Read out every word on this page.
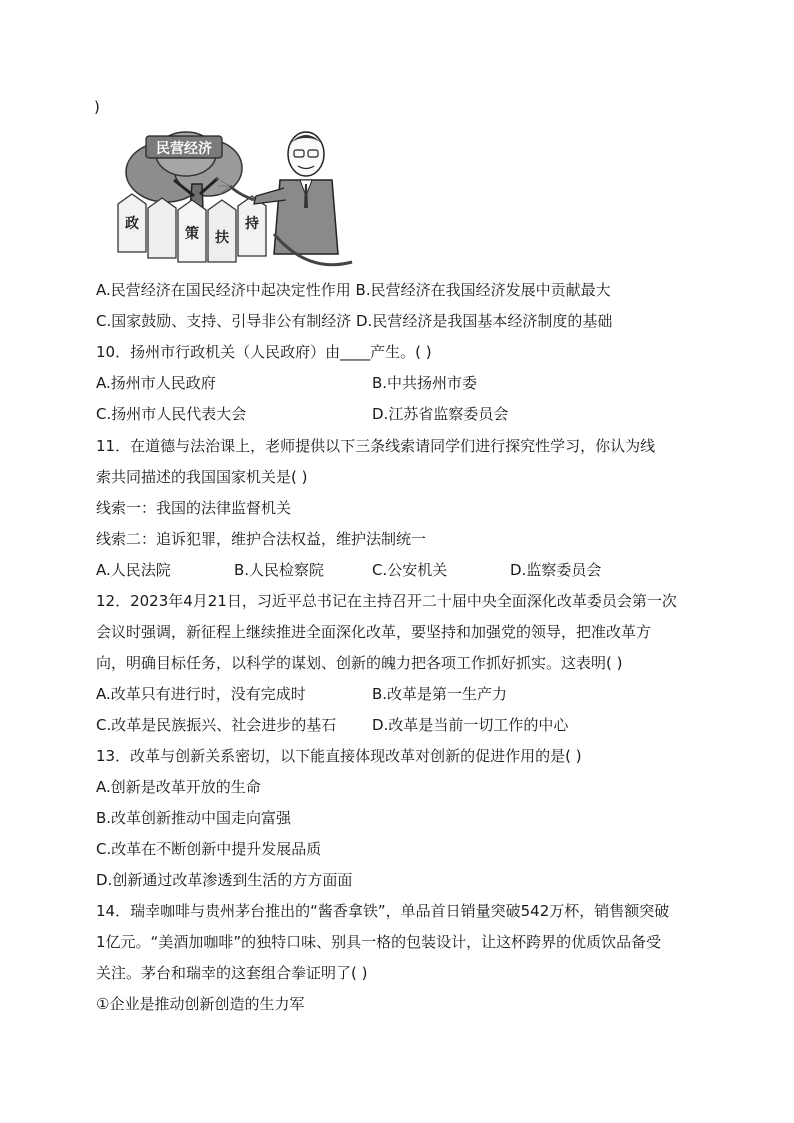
)
民营经济
政
策 扶
持
A.民营经济在国民经济中起决定性作用 B.民营经济在我国经济发展中贡献最大
C.国家鼓励、支持、引导非公有制经济 D.民营经济是我国基本经济制度的基础
10．扬州市行政机关（人民政府）由____产生。( )
A.扬州市人民政府	B.中共扬州市委
C.扬州市人民代表大会	D.江苏省监察委员会
11．在道德与法治课上，老师提供以下三条线索请同学们进行探究性学习，你认为线
索共同描述的我国国家机关是( )
线索一：我国的法律监督机关
线索二：追诉犯罪，维护合法权益，维护法制统一
A.人民法院	B.人民检察院	C.公安机关	D.监察委员会
12．2023年4月21日，习近平总书记在主持召开二十届中央全面深化改革委员会第一次
会议时强调，新征程上继续推进全面深化改革，要坚持和加强党的领导，把准改革方
向，明确目标任务，以科学的谋划、创新的魄力把各项工作抓好抓实。这表明( )
A.改革只有进行时，没有完成时	B.改革是第一生产力
C.改革是民族振兴、社会进步的基石 D.改革是当前一切工作的中心
13．改革与创新关系密切，以下能直接体现改革对创新的促进作用的是( )
A.创新是改革开放的生命
B.改革创新推动中国走向富强
C.改革在不断创新中提升发展品质
D.创新通过改革渗透到生活的方方面面
14．瑞幸咖啡与贵州茅台推出的“酱香拿铁”，单品首日销量突破542万杯，销售额突破
1亿元。“美酒加咖啡”的独特口味、别具一格的包装设计，让这杯跨界的优质饮品备受
关注。茅台和瑞幸的这套组合拳证明了( )
①企业是推动创新创造的生力军
